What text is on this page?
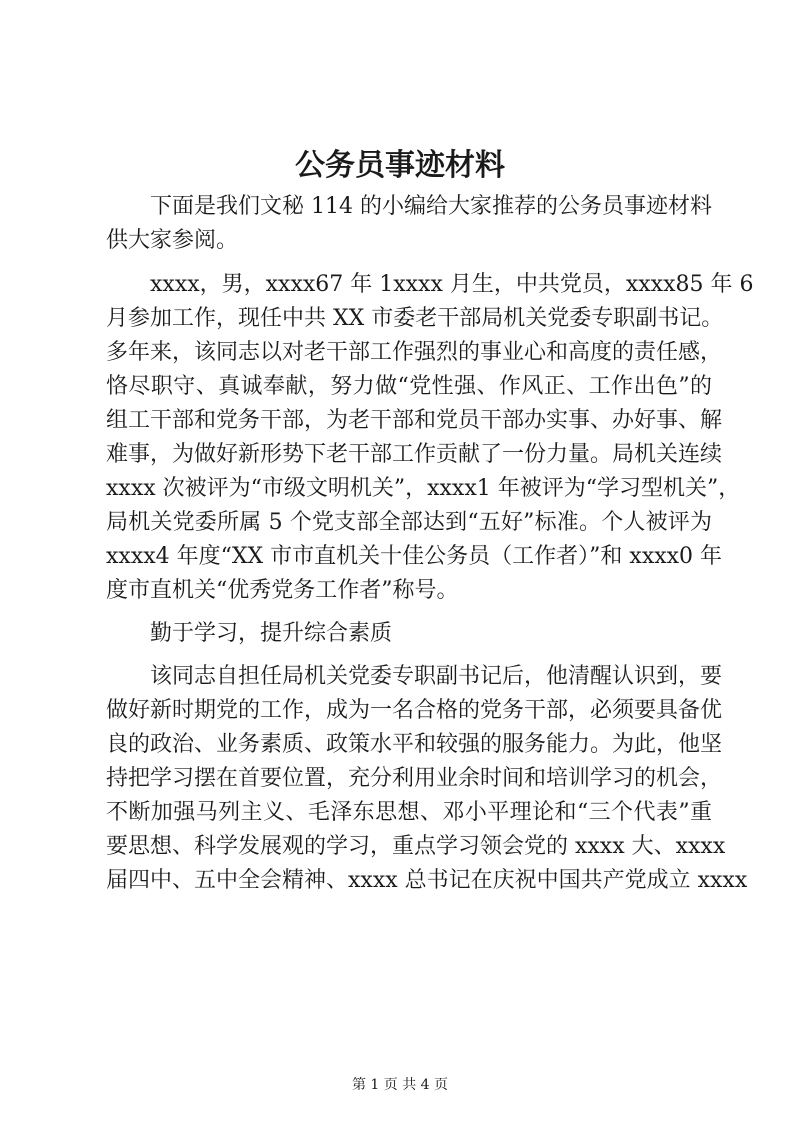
公务员事迹材料
下面是我们文秘 114 的小编给大家推荐的公务员事迹材料
供大家参阅。
xxxx，男，xxxx67 年 1xxxx 月生，中共党员，xxxx85 年 6
月参加工作，现任中共 XX 市委老干部局机关党委专职副书记。
多年来，该同志以对老干部工作强烈的事业心和高度的责任感，
恪尽职守、真诚奉献，努力做“党性强、作风正、工作出色”的
组工干部和党务干部，为老干部和党员干部办实事、办好事、解
难事，为做好新形势下老干部工作贡献了一份力量。局机关连续
xxxx 次被评为“市级文明机关”，xxxx1 年被评为“学习型机关”，
局机关党委所属 5 个党支部全部达到“五好”标准。个人被评为
xxxx4 年度“XX 市市直机关十佳公务员（工作者）”和 xxxx0 年
度市直机关“优秀党务工作者”称号。
勤于学习，提升综合素质
该同志自担任局机关党委专职副书记后，他清醒认识到，要
做好新时期党的工作，成为一名合格的党务干部，必须要具备优
良的政治、业务素质、政策水平和较强的服务能力。为此，他坚
持把学习摆在首要位置，充分利用业余时间和培训学习的机会，
不断加强马列主义、毛泽东思想、邓小平理论和“三个代表”重
要思想、科学发展观的学习，重点学习领会党的 xxxx 大、xxxx
届四中、五中全会精神、xxxx 总书记在庆祝中国共产党成立 xxxx
第 1 页 共 4 页
